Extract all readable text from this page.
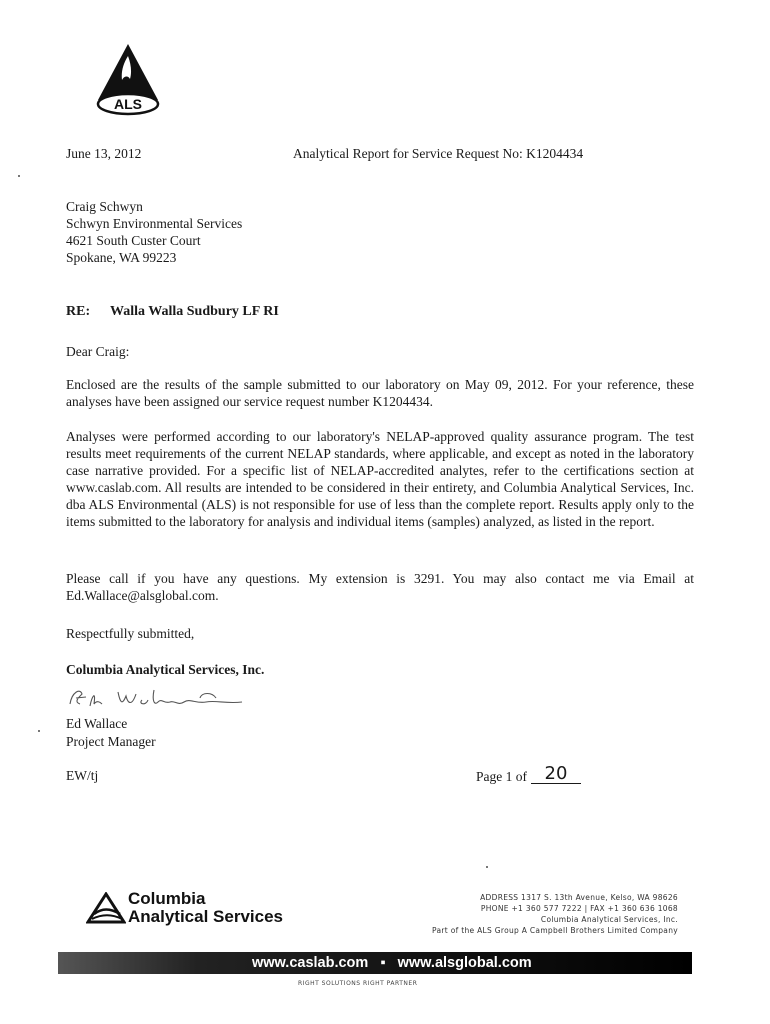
ALS
June 13, 2012	Analytical Report for Service Request No: K1204434
Craig Schwyn
Schwyn Environmental Services
4621 South Custer Court
Spokane, WA 99223
RE: Walla Walla Sudbury LF RI
Dear Craig:
Enclosed are the results of the sample submitted to our laboratory on May 09, 2012. For your reference, these analyses have been assigned our service request number K1204434.
Analyses were performed according to our laboratory's NELAP-approved quality assurance program. The test results meet requirements of the current NELAP standards, where applicable, and except as noted in the laboratory case narrative provided. For a specific list of NELAP-accredited analytes, refer to the certifications section at www.caslab.com. All results are intended to be considered in their entirety, and Columbia Analytical Services, Inc. dba ALS Environmental (ALS) is not responsible for use of less than the complete report. Results apply only to the items submitted to the laboratory for analysis and individual items (samples) analyzed, as listed in the report.
Please call if you have any questions. My extension is 3291. You may also contact me via Email at Ed.Wallace@alsglobal.com.
Respectfully submitted,
Columbia Analytical Services, Inc.
Ed Wallace
Project Manager
EW/tj	Page 1 of 20
Columbia
Analytical Services
ADDRESS 1317 S. 13th Avenue, Kelso, WA 98626
PHONE +1 360 577 7222 | FAX +1 360 636 1068
Columbia Analytical Services, Inc.
Part of the ALS Group A Campbell Brothers Limited Company
www.caslab.com   ▪   www.alsglobal.com
RIGHT SOLUTIONS RIGHT PARTNER
